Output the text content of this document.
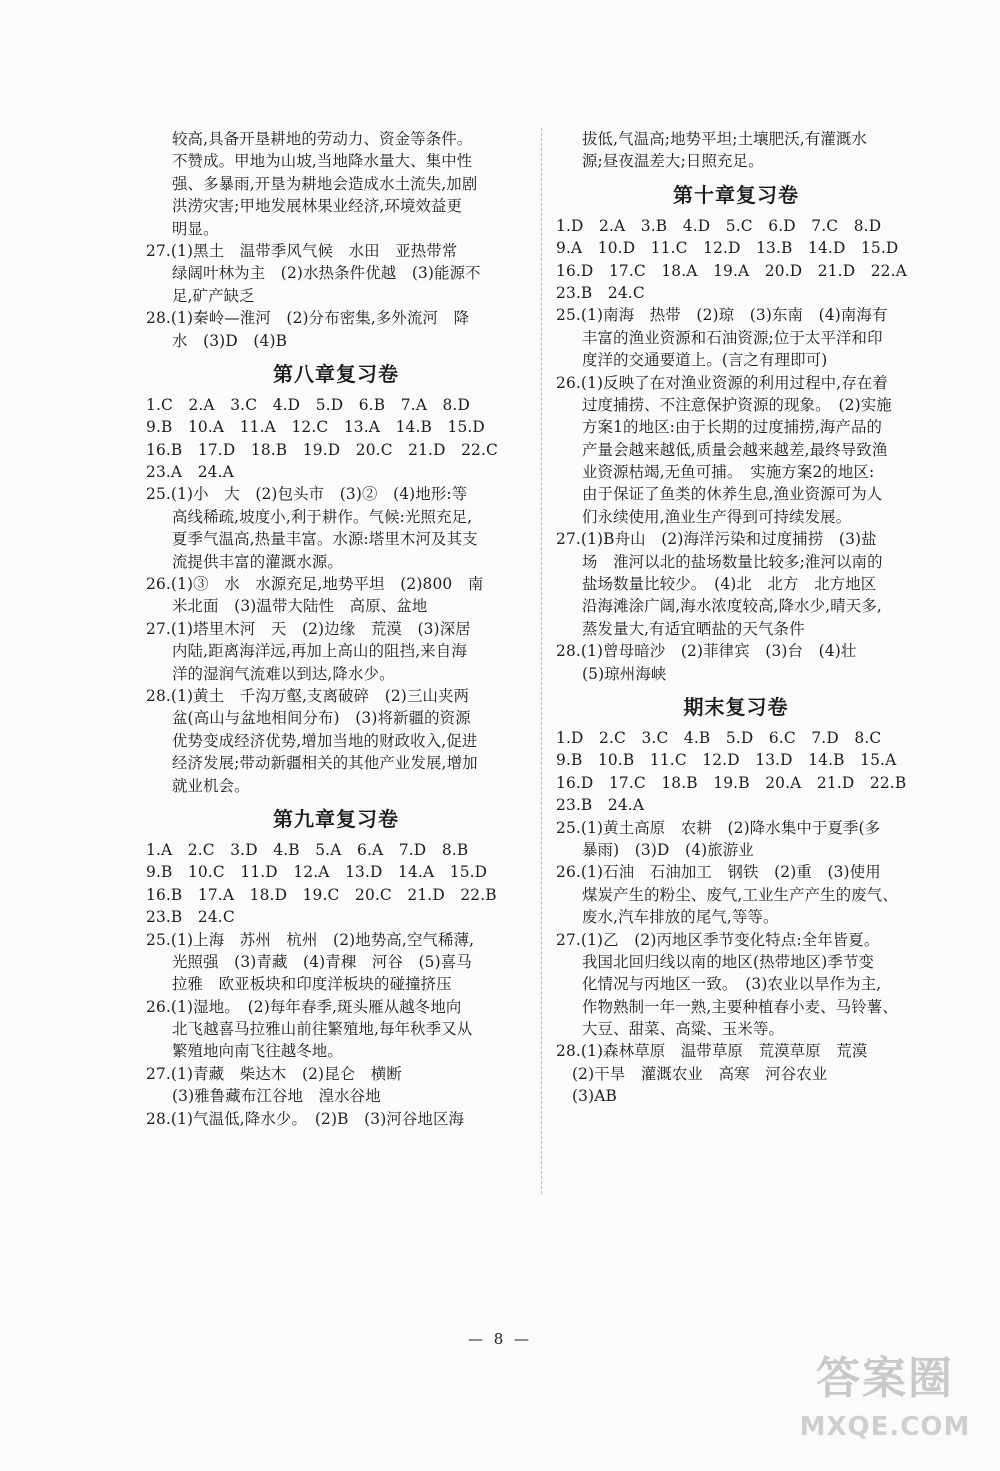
较高,具备开垦耕地的劳动力、资金等条件。
不赞成。甲地为山坡,当地降水量大、集中性
强、多暴雨,开垦为耕地会造成水土流失,加剧
洪涝灾害;甲地发展林果业经济,环境效益更
明显。
27.(1)黑土　温带季风气候　水田　亚热带常
绿阔叶林为主　(2)水热条件优越　(3)能源不
足,矿产缺乏
28.(1)秦岭—淮河　(2)分布密集,多外流河　降
水　(3)D　(4)B
第八章复习卷
1.C　2.A　3.C　4.D　5.D　6.B　7.A　8.D
9.B　10.A　11.A　12.C　13.A　14.B　15.D
16.B　17.D　18.B　19.D　20.C　21.D　22.C
23.A　24.A
25.(1)小　大　(2)包头市　(3)②　(4)地形:等
高线稀疏,坡度小,利于耕作。气候:光照充足,
夏季气温高,热量丰富。水源:塔里木河及其支
流提供丰富的灌溉水源。
26.(1)③　水　水源充足,地势平坦　(2)800　南
米北面　(3)温带大陆性　高原、盆地
27.(1)塔里木河　天　(2)边缘　荒漠　(3)深居
内陆,距离海洋远,再加上高山的阻挡,来自海
洋的湿润气流难以到达,降水少。
28.(1)黄土　千沟万壑,支离破碎　(2)三山夹两
盆(高山与盆地相间分布)　(3)将新疆的资源
优势变成经济优势,增加当地的财政收入,促进
经济发展;带动新疆相关的其他产业发展,增加
就业机会。
第九章复习卷
1.A　2.C　3.D　4.B　5.A　6.A　7.D　8.B
9.B　10.C　11.D　12.A　13.D　14.A　15.D
16.B　17.A　18.D　19.C　20.C　21.D　22.B
23.B　24.C
25.(1)上海　苏州　杭州　(2)地势高,空气稀薄,
光照强　(3)青藏　(4)青稞　河谷　(5)喜马
拉雅　欧亚板块和印度洋板块的碰撞挤压
26.(1)湿地。　(2)每年春季,斑头雁从越冬地向
北飞越喜马拉雅山前往繁殖地,每年秋季又从
繁殖地向南飞往越冬地。
27.(1)青藏　柴达木　(2)昆仑　横断
(3)雅鲁藏布江谷地　湟水谷地
28.(1)气温低,降水少。　(2)B　(3)河谷地区海
拔低,气温高;地势平坦;土壤肥沃,有灌溉水
源;昼夜温差大;日照充足。
第十章复习卷
1.D　2.A　3.B　4.D　5.C　6.D　7.C　8.D
9.A　10.D　11.C　12.D　13.B　14.D　15.D
16.D　17.C　18.A　19.A　20.D　21.D　22.A
23.B　24.C
25.(1)南海　热带　(2)琼　(3)东南　(4)南海有
丰富的渔业资源和石油资源;位于太平洋和印
度洋的交通要道上。(言之有理即可)
26.(1)反映了在对渔业资源的利用过程中,存在着
过度捕捞、不注意保护资源的现象。　(2)实施
方案1的地区:由于长期的过度捕捞,海产品的
产量会越来越低,质量会越来越差,最终导致渔
业资源枯竭,无鱼可捕。　实施方案2的地区:
由于保证了鱼类的休养生息,渔业资源可为人
们永续使用,渔业生产得到可持续发展。
27.(1)B舟山　(2)海洋污染和过度捕捞　(3)盐
场　淮河以北的盐场数量比较多;淮河以南的
盐场数量比较少。　(4)北　北方　北方地区
沿海滩涂广阔,海水浓度较高,降水少,晴天多,
蒸发量大,有适宜晒盐的天气条件
28.(1)曾母暗沙　(2)菲律宾　(3)台　(4)壮
(5)琼州海峡
期末复习卷
1.D　2.C　3.C　4.B　5.D　6.C　7.D　8.C
9.B　10.B　11.C　12.D　13.D　14.B　15.A
16.D　17.C　18.B　19.B　20.A　21.D　22.B
23.B　24.A
25.(1)黄土高原　农耕　(2)降水集中于夏季(多
暴雨)　(3)D　(4)旅游业
26.(1)石油　石油加工　钢铁　(2)重　(3)使用
煤炭产生的粉尘、废气,工业生产产生的废气、
废水,汽车排放的尾气,等等。
27.(1)乙　(2)丙地区季节变化特点:全年皆夏。
我国北回归线以南的地区(热带地区)季节变
化情况与丙地区一致。　(3)农业以旱作为主,
作物熟制一年一熟,主要种植春小麦、马铃薯、
大豆、甜菜、高粱、玉米等。
28.(1)森林草原　温带草原　荒漠草原　荒漠
(2)干旱　灌溉农业　高寒　河谷农业
(3)AB
— 8 —
答案圈
MXQE.COM
